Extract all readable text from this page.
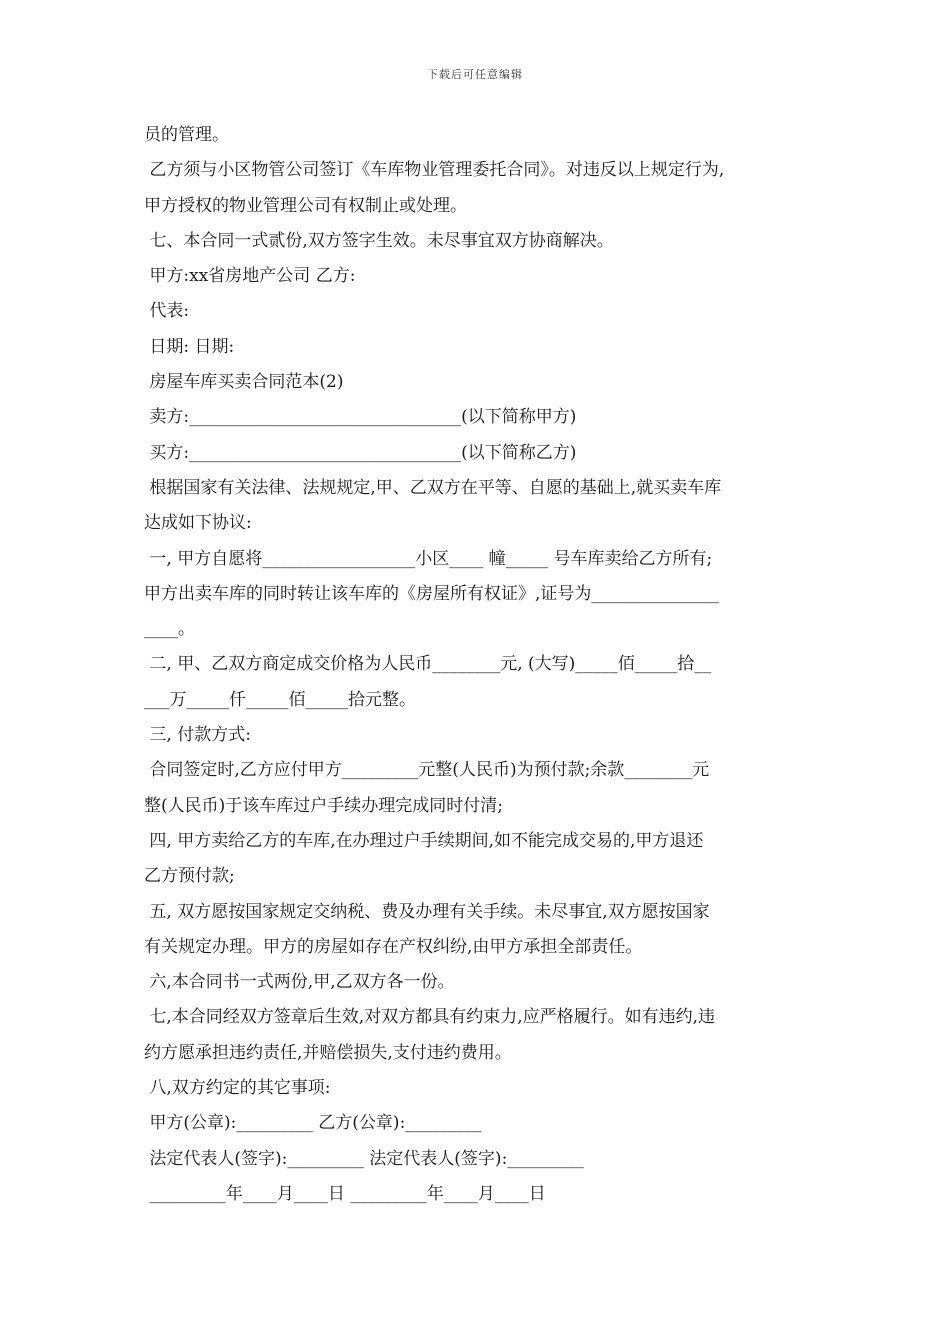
下载后可任意编辑
员的管理。
乙方须与小区物管公司签订《车库物业管理委托合同》。对违反以上规定行为,
甲方授权的物业管理公司有权制止或处理。
七、本合同一式贰份,双方签字生效。未尽事宜双方协商解决。
甲方:xx省房地产公司 乙方:
代表:
日期: 日期:
房屋车库买卖合同范本(2)
卖方:________________________________(以下简称甲方)
买方:________________________________(以下简称乙方)
根据国家有关法律、法规规定,甲、乙双方在平等、自愿的基础上,就买卖车库
达成如下协议:
一, 甲方自愿将__________________小区____ 幢_____ 号车库卖给乙方所有;
甲方出卖车库的同时转让该车库的《房屋所有权证》,证号为_______________
____。
二, 甲、乙双方商定成交价格为人民币________元, (大写)_____佰_____拾__
___万_____仟_____佰_____拾元整。
三, 付款方式:
合同签定时,乙方应付甲方_________元整(人民币)为预付款;余款________元
整(人民币)于该车库过户手续办理完成同时付清;
四, 甲方卖给乙方的车库,在办理过户手续期间,如不能完成交易的,甲方退还
乙方预付款;
五, 双方愿按国家规定交纳税、费及办理有关手续。未尽事宜,双方愿按国家
有关规定办理。甲方的房屋如存在产权纠纷,由甲方承担全部责任。
六,本合同书一式两份,甲,乙双方各一份。
七,本合同经双方签章后生效,对双方都具有约束力,应严格履行。如有违约,违
约方愿承担违约责任,并赔偿损失,支付违约费用。
八,双方约定的其它事项:
甲方(公章):_________ 乙方(公章):_________
法定代表人(签字):_________ 法定代表人(签字):_________
_________年____月____日 _________年____月____日
